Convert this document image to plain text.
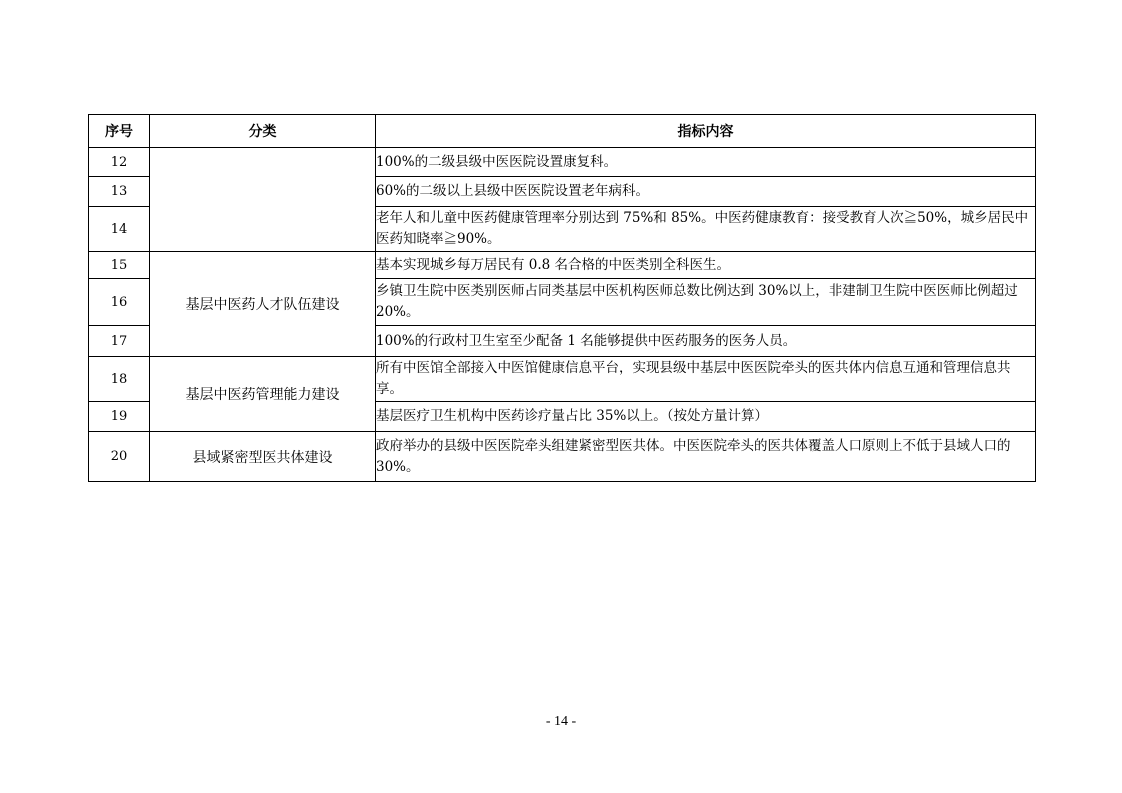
序号	分类	指标内容
12		100%的二级县级中医医院设置康复科。
13		60%的二级以上县级中医医院设置老年病科。
14		老年人和儿童中医药健康管理率分别达到 75%和 85%。中医药健康教育：接受教育人次≧50%，城乡居民中医药知晓率≧90%。
15	基层中医药人才队伍建设	基本实现城乡每万居民有 0.8 名合格的中医类别全科医生。
16		乡镇卫生院中医类别医师占同类基层中医机构医师总数比例达到 30%以上，非建制卫生院中医医师比例超过 20%。
17		100%的行政村卫生室至少配备 1 名能够提供中医药服务的医务人员。
18	基层中医药管理能力建设	所有中医馆全部接入中医馆健康信息平台，实现县级中基层中医医院牵头的医共体内信息互通和管理信息共享。
19		基层医疗卫生机构中医药诊疗量占比 35%以上。（按处方量计算）
20	县域紧密型医共体建设	政府举办的县级中医医院牵头组建紧密型医共体。中医医院牵头的医共体覆盖人口原则上不低于县域人口的 30%。
- 14 -
